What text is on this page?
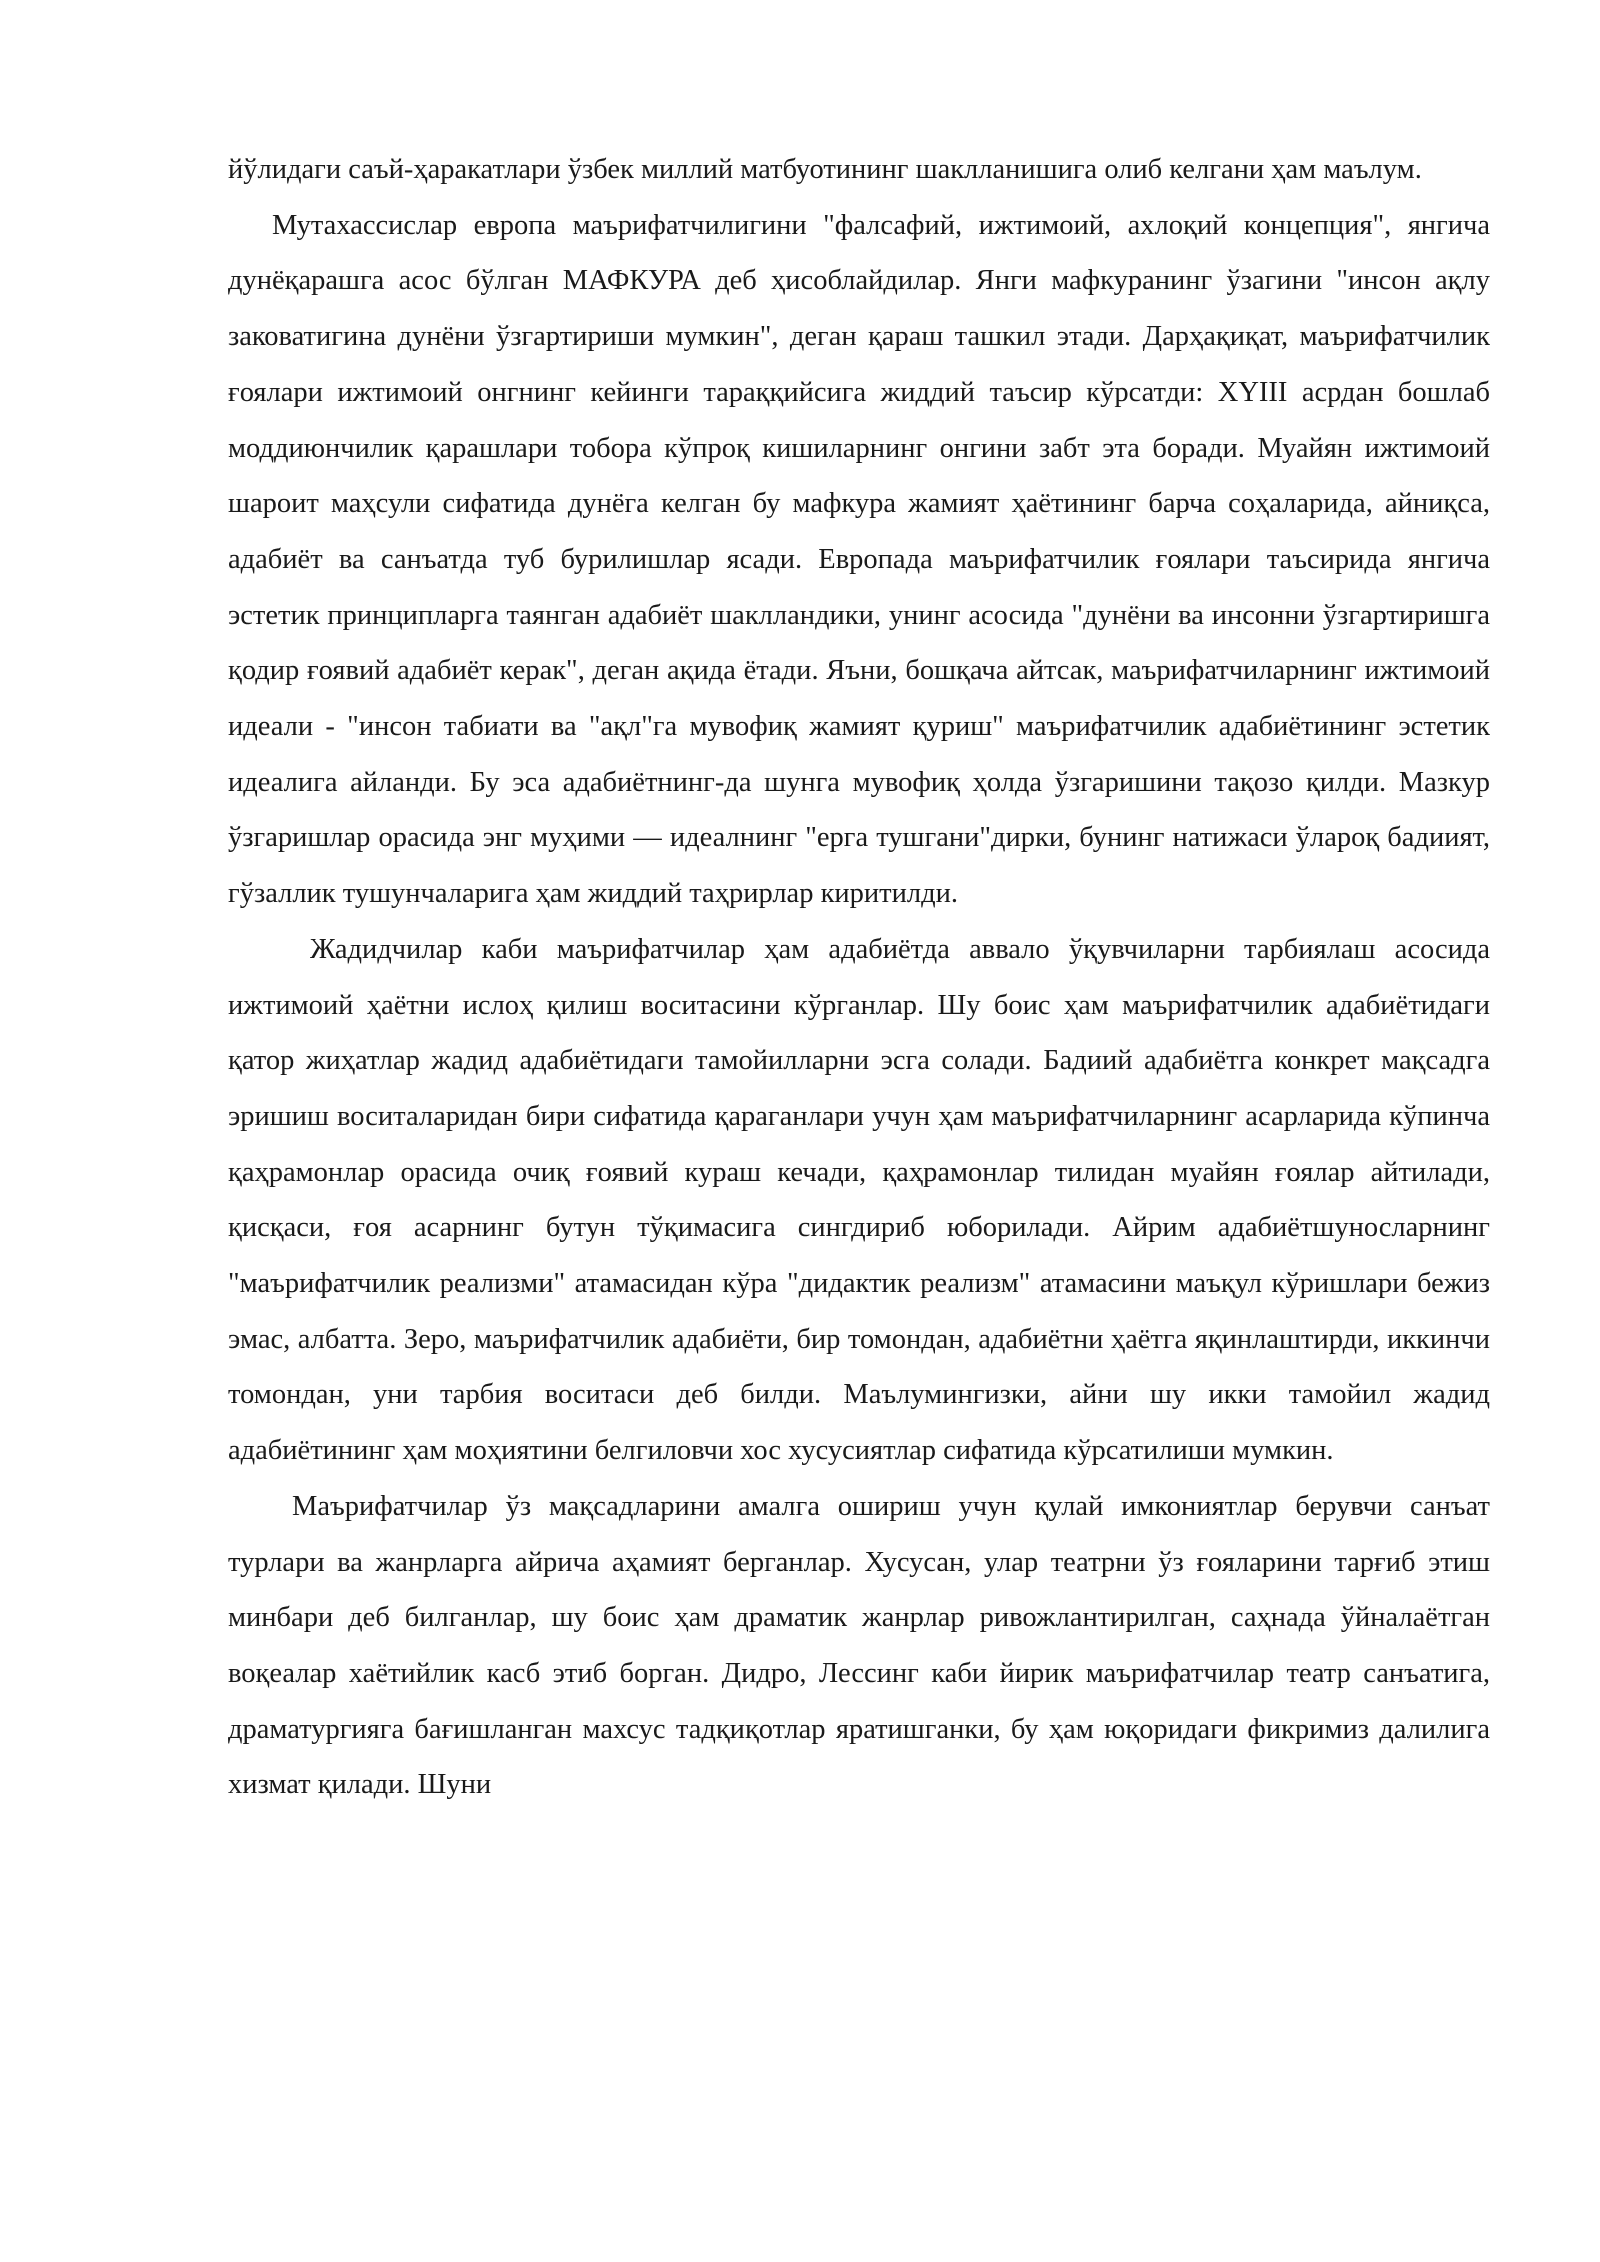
йўлидаги саъй-ҳаракатлари ўзбек миллий матбуотининг шаклланишига олиб келгани ҳам маълум.

Мутахассислар европа маърифатчилигини "фалсафий, ижтимоий, ахлоқий концепция", янгича дунёқарашга асос бўлган МАФКУРА деб ҳисоблайдилар. Янги мафкуранинг ўзагини "инсон ақлу заковатигина дунёни ўзгартириши мумкин", деган қараш ташкил этади. Дарҳақиқат, маърифатчилик ғоялари ижтимоий онгнинг кейинги тараққийсига жиддий таъсир кўрсатди: XYIII асрдан бошлаб моддиюнчилик қарашлари тобора кўпроқ кишиларнинг онгини забт эта боради. Муайян ижтимоий шароит маҳсули сифатида дунёга келган бу мафкура жамият ҳаётининг барча соҳаларида, айниқса, адабиёт ва санъатда туб бурилишлар ясади. Европада маърифатчилик ғоялари таъсирида янгича эстетик принципларга таянган адабиёт шаклландики, унинг асосида "дунёни ва инсонни ўзгартиришга қодир ғоявий адабиёт керак", деган ақида ётади. Яъни, бошқача айтсак, маърифатчиларнинг ижтимоий идеали - "инсон табиати ва "ақл"га мувофиқ жамият қуриш" маърифатчилик адабиётининг эстетик идеалига айланди. Бу эса адабиётнинг-да шунга мувофиқ ҳолда ўзгаришини тақозо қилди. Мазкур ўзгаришлар орасида энг муҳими — идеалнинг "ерга тушгани"дирки, бунинг натижаси ўлароқ бадиият, гўзаллик тушунчаларига ҳам жиддий таҳрирлар киритилди.

Жадидчилар каби маърифатчилар ҳам адабиётда аввало ўқувчиларни тарбиялаш асосида ижтимоий ҳаётни ислоҳ қилиш воситасини кўрганлар. Шу боис ҳам маърифатчилик адабиётидаги қатор жиҳатлар жадид адабиётидаги тамойилларни эсга солади. Бадиий адабиётга конкрет мақсадга эришиш воситаларидан бири сифатида қараганлари учун ҳам маърифатчиларнинг асарларида кўпинча қаҳрамонлар орасида очиқ ғоявий кураш кечади, қаҳрамонлар тилидан муайян ғоялар айтилади, қисқаси, ғоя асарнинг бутун тўқимасига сингдириб юборилади. Айрим адабиётшуносларнинг "маърифатчилик реализми" атамасидан кўра "дидактик реализм" атамасини маъқул кўришлари бежиз эмас, албатта. Зеро, маърифатчилик адабиёти, бир томондан, адабиётни ҳаётга яқинлаштирди, иккинчи томондан, уни тарбия воситаси деб билди. Маълумингизки, айни шу икки тамойил жадид адабиётининг ҳам моҳиятини белгиловчи хос хусусиятлар сифатида кўрсатилиши мумкин.

Маърифатчилар ўз мақсадларини амалга ошириш учун қулай имкониятлар берувчи санъат турлари ва жанрларга айрича аҳамият берганлар. Хусусан, улар театрни ўз ғояларини тарғиб этиш минбари деб билганлар, шу боис ҳам драматик жанрлар ривожлантирилган, саҳнада ўйналаётган воқеалар хаётийлик касб этиб борган. Дидро, Лессинг каби йирик маърифатчилар театр санъатига, драматургияга бағишланган махсус тадқиқотлар яратишганки, бу ҳам юқоридаги фикримиз далилига хизмат қилади. Шуни
